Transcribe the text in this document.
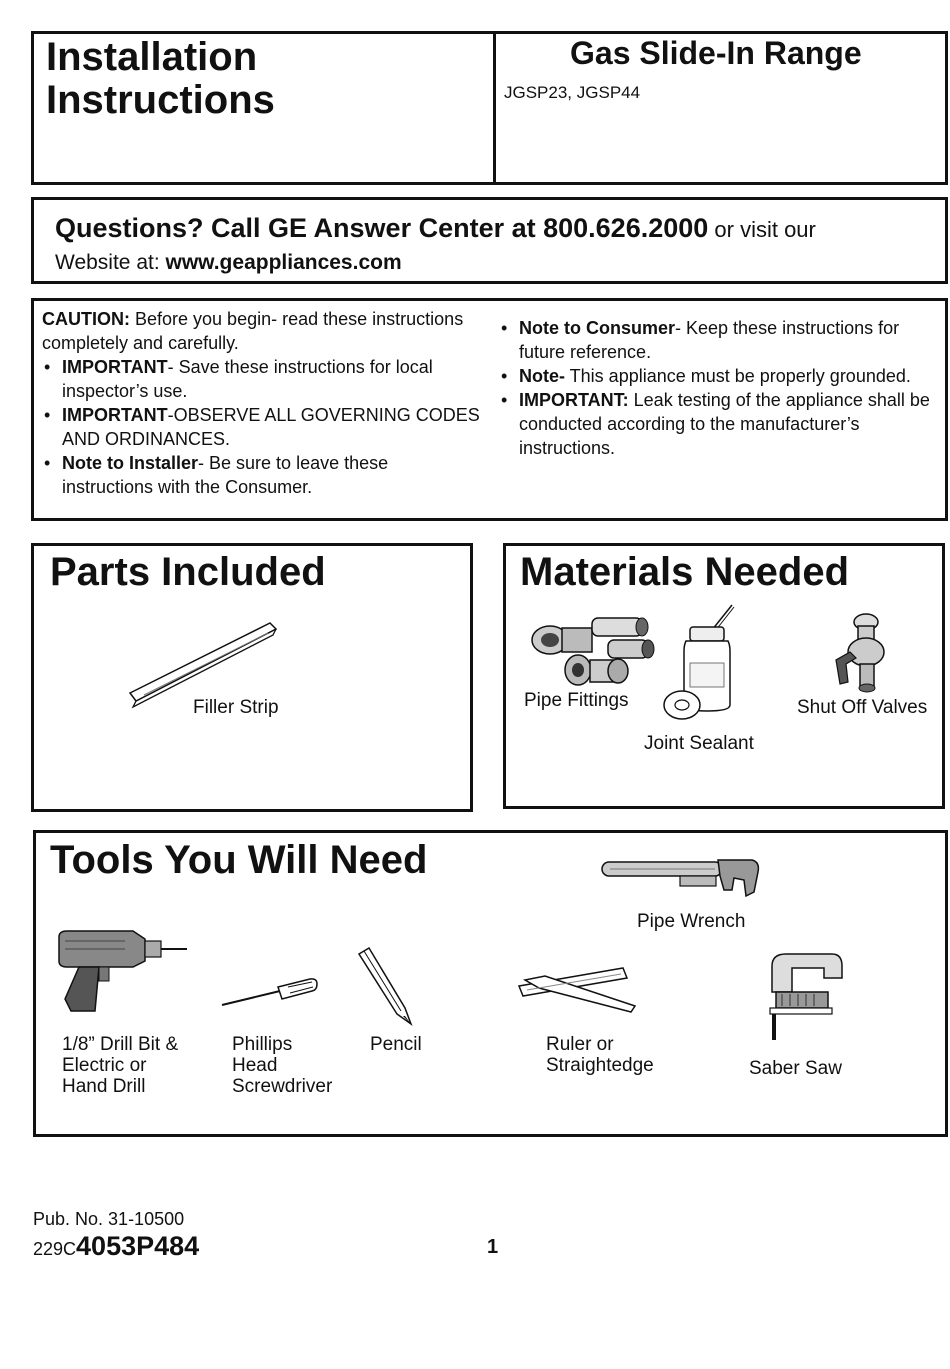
Installation
Instructions
Gas Slide-In Range
JGSP23, JGSP44
Questions? Call GE Answer Center at 800.626.2000 or visit our
Website at: www.geappliances.com
CAUTION: Before you begin- read these instructions completely and carefully.
• IMPORTANT- Save these instructions for local inspector’s use.
• IMPORTANT-OBSERVE ALL GOVERNING CODES AND ORDINANCES.
• Note to Installer- Be sure to leave these instructions with the Consumer.
• Note to Consumer- Keep these instructions for future reference.
• Note- This appliance must be properly grounded.
• IMPORTANT: Leak testing of the appliance shall be conducted according to the manufacturer’s instructions.
Parts Included
Filler Strip
Materials Needed
Pipe Fittings
Joint Sealant
Shut Off Valves
Tools You Will Need
Pipe Wrench
1/8” Drill Bit &
Electric or
Hand Drill
Phillips
Head
Screwdriver
Pencil	Ruler or
Straightedge	Saber Saw
Pub. No. 31-10500
229C4053P484	1
